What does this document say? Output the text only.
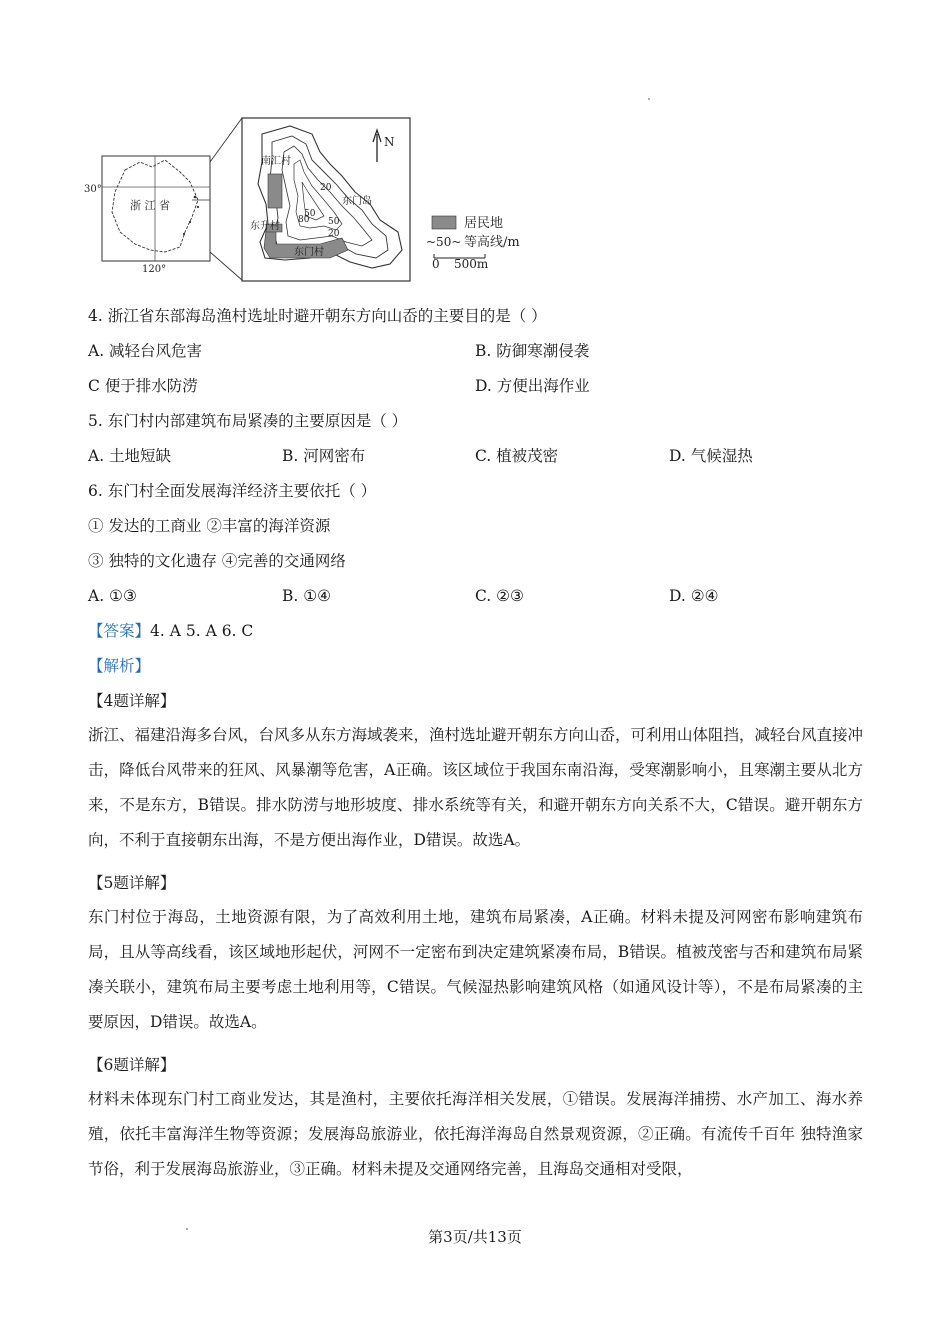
30°
120°
浙 江 省
南汇村
东门岛
东升村
东门村
20
50
80 50
20
N
居民地
~50~ 等高线/m
0 500m
4. 浙江省东部海岛渔村选址时避开朝东方向山岙的主要目的是（ ）
A. 减轻台风危害	B. 防御寒潮侵袭
C 便于排水防涝	D. 方便出海作业
5. 东门村内部建筑布局紧凑的主要原因是（ ）
A. 土地短缺	B. 河网密布	C. 植被茂密	D. 气候湿热
6. 东门村全面发展海洋经济主要依托（ ）
① 发达的工商业 ②丰富的海洋资源
③ 独特的文化遗存 ④完善的交通网络
A. ①③	B. ①④	C. ②③	D. ②④
【答案】4. A 5. A 6. C
【解析】
【4题详解】
浙江、福建沿海多台风，台风多从东方海域袭来，渔村选址避开朝东方向山岙，可利用山体阻挡，减轻台风直接冲击，降低台风带来的狂风、风暴潮等危害，A正确。该区域位于我国东南沿海，受寒潮影响小，且寒潮主要从北方来，不是东方，B错误。排水防涝与地形坡度、排水系统等有关，和避开朝东方向关系不大，C错误。避开朝东方向，不利于直接朝东出海，不是方便出海作业，D错误。故选A。
【5题详解】
东门村位于海岛，土地资源有限，为了高效利用土地，建筑布局紧凑，A正确。材料未提及河网密布影响建筑布局，且从等高线看，该区域地形起伏，河网不一定密布到决定建筑紧凑布局，B错误。植被茂密与否和建筑布局紧凑关联小，建筑布局主要考虑土地利用等，C错误。气候湿热影响建筑风格（如通风设计等），不是布局紧凑的主要原因，D错误。故选A。
【6题详解】
材料未体现东门村工商业发达，其是渔村，主要依托海洋相关发展，①错误。发展海洋捕捞、水产加工、海水养殖，依托丰富海洋生物等资源；发展海岛旅游业，依托海洋海岛自然景观资源，②正确。有流传千百年 独特渔家节俗，利于发展海岛旅游业，③正确。材料未提及交通网络完善，且海岛交通相对受限，
第3页/共13页
